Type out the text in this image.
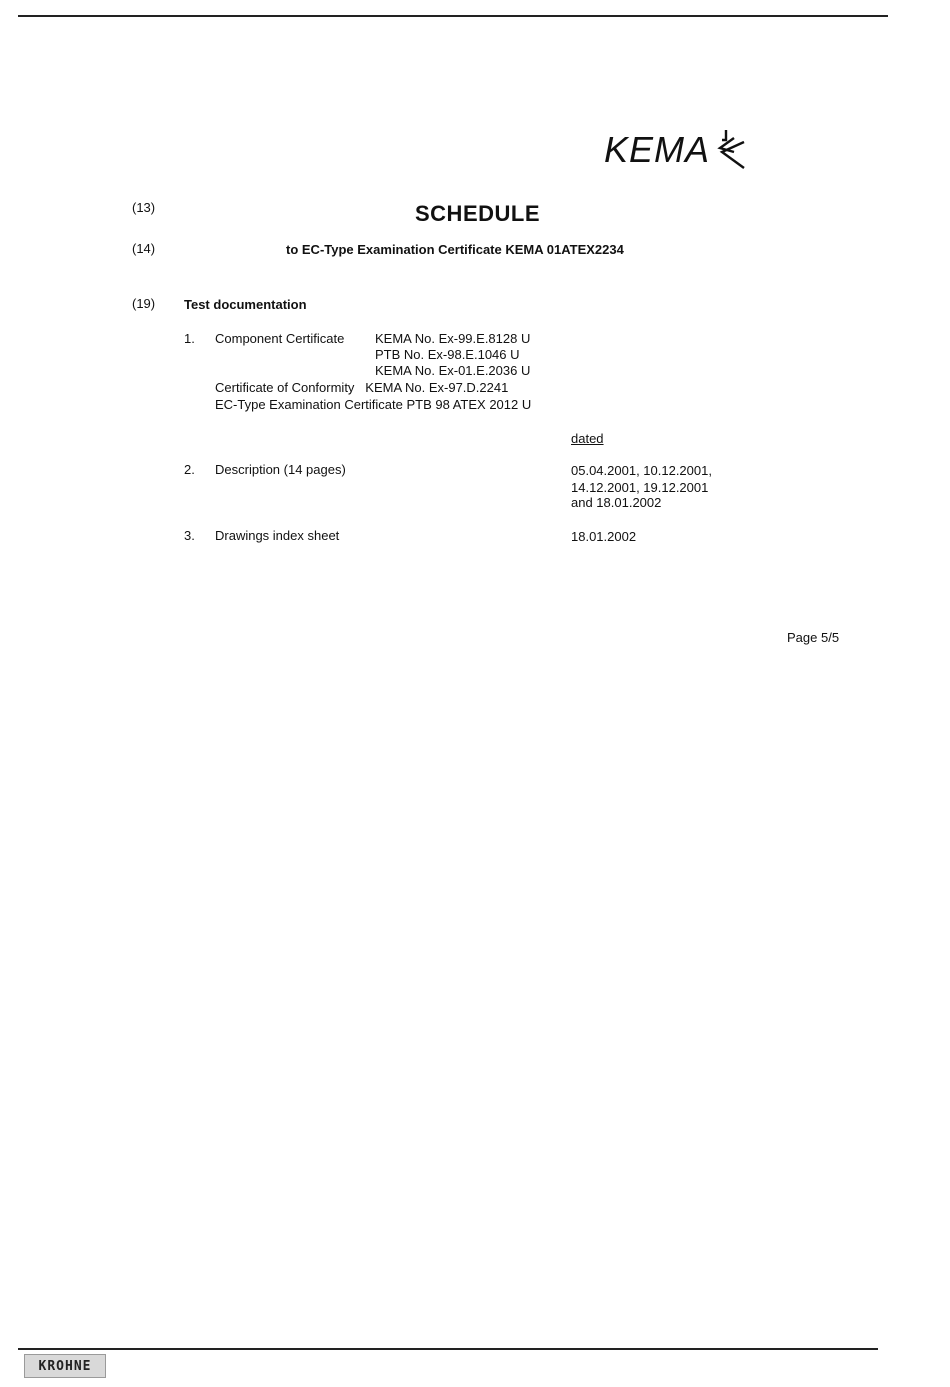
KEMA
(13)	SCHEDULE
(14)	to EC-Type Examination Certificate KEMA 01ATEX2234
(19) Test documentation
1. Component Certificate KEMA No. Ex-99.E.8128 U
PTB No. Ex-98.E.1046 U
KEMA No. Ex-01.E.2036 U
Certificate of Conformity   KEMA No. Ex-97.D.2241
EC-Type Examination Certificate PTB 98 ATEX 2012 U
dated
2. Description (14 pages)	05.04.2001, 10.12.2001,
14.12.2001, 19.12.2001
and 18.01.2002
3. Drawings index sheet	18.01.2002
Page 5/5
KROHNE
